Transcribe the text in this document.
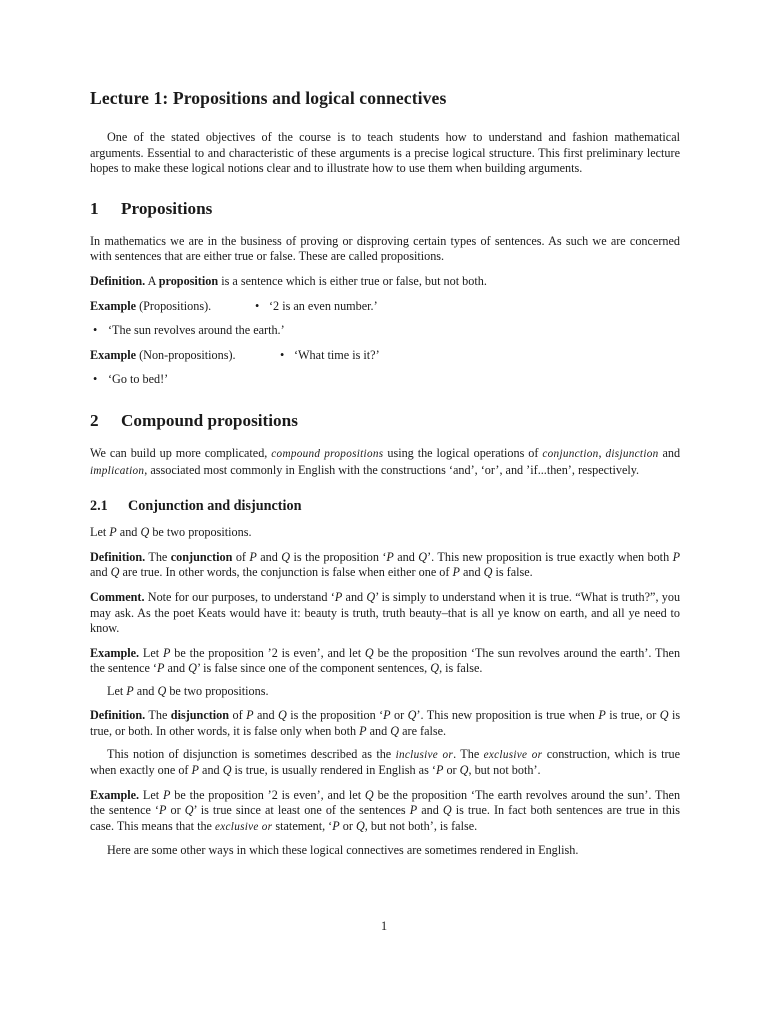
Lecture 1: Propositions and logical connectives

One of the stated objectives of the course is to teach students how to understand and fashion mathematical arguments. Essential to and characteristic of these arguments is a precise logical structure. This first preliminary lecture hopes to make these logical notions clear and to illustrate how to use them when building arguments.

1 Propositions

In mathematics we are in the business of proving or disproving certain types of sentences. As such we are concerned with sentences that are either true or false. These are called propositions.

Definition. A proposition is a sentence which is either true or false, but not both.

Example (Propositions).	• ‘2 is an even number.’

• ‘The sun revolves around the earth.’

Example (Non-propositions).	• ‘What time is it?’

• ‘Go to bed!’

2 Compound propositions

We can build up more complicated, compound propositions using the logical operations of conjunction, disjunction and implication, associated most commonly in English with the constructions ‘and’, ‘or’, and ’if...then’, respectively.

2.1 Conjunction and disjunction

Let P and Q be two propositions.

Definition. The conjunction of P and Q is the proposition ‘P and Q’. This new proposition is true exactly when both P and Q are true. In other words, the conjunction is false when either one of P and Q is false.

Comment. Note for our purposes, to understand ‘P and Q’ is simply to understand when it is true. “What is truth?”, you may ask. As the poet Keats would have it: beauty is truth, truth beauty–that is all ye know on earth, and all ye need to know.

Example. Let P be the proposition ’2 is even’, and let Q be the proposition ‘The sun revolves around the earth’. Then the sentence ‘P and Q’ is false since one of the component sentences, Q, is false.

Let P and Q be two propositions.

Definition. The disjunction of P and Q is the proposition ‘P or Q’. This new proposition is true when P is true, or Q is true, or both. In other words, it is false only when both P and Q are false.

This notion of disjunction is sometimes described as the inclusive or. The exclusive or construction, which is true when exactly one of P and Q is true, is usually rendered in English as ‘P or Q, but not both’.

Example. Let P be the proposition ’2 is even’, and let Q be the proposition ‘The earth revolves around the sun’. Then the sentence ‘P or Q’ is true since at least one of the sentences P and Q is true. In fact both sentences are true in this case. This means that the exclusive or statement, ‘P or Q, but not both’, is false.

Here are some other ways in which these logical connectives are sometimes rendered in English.

1
